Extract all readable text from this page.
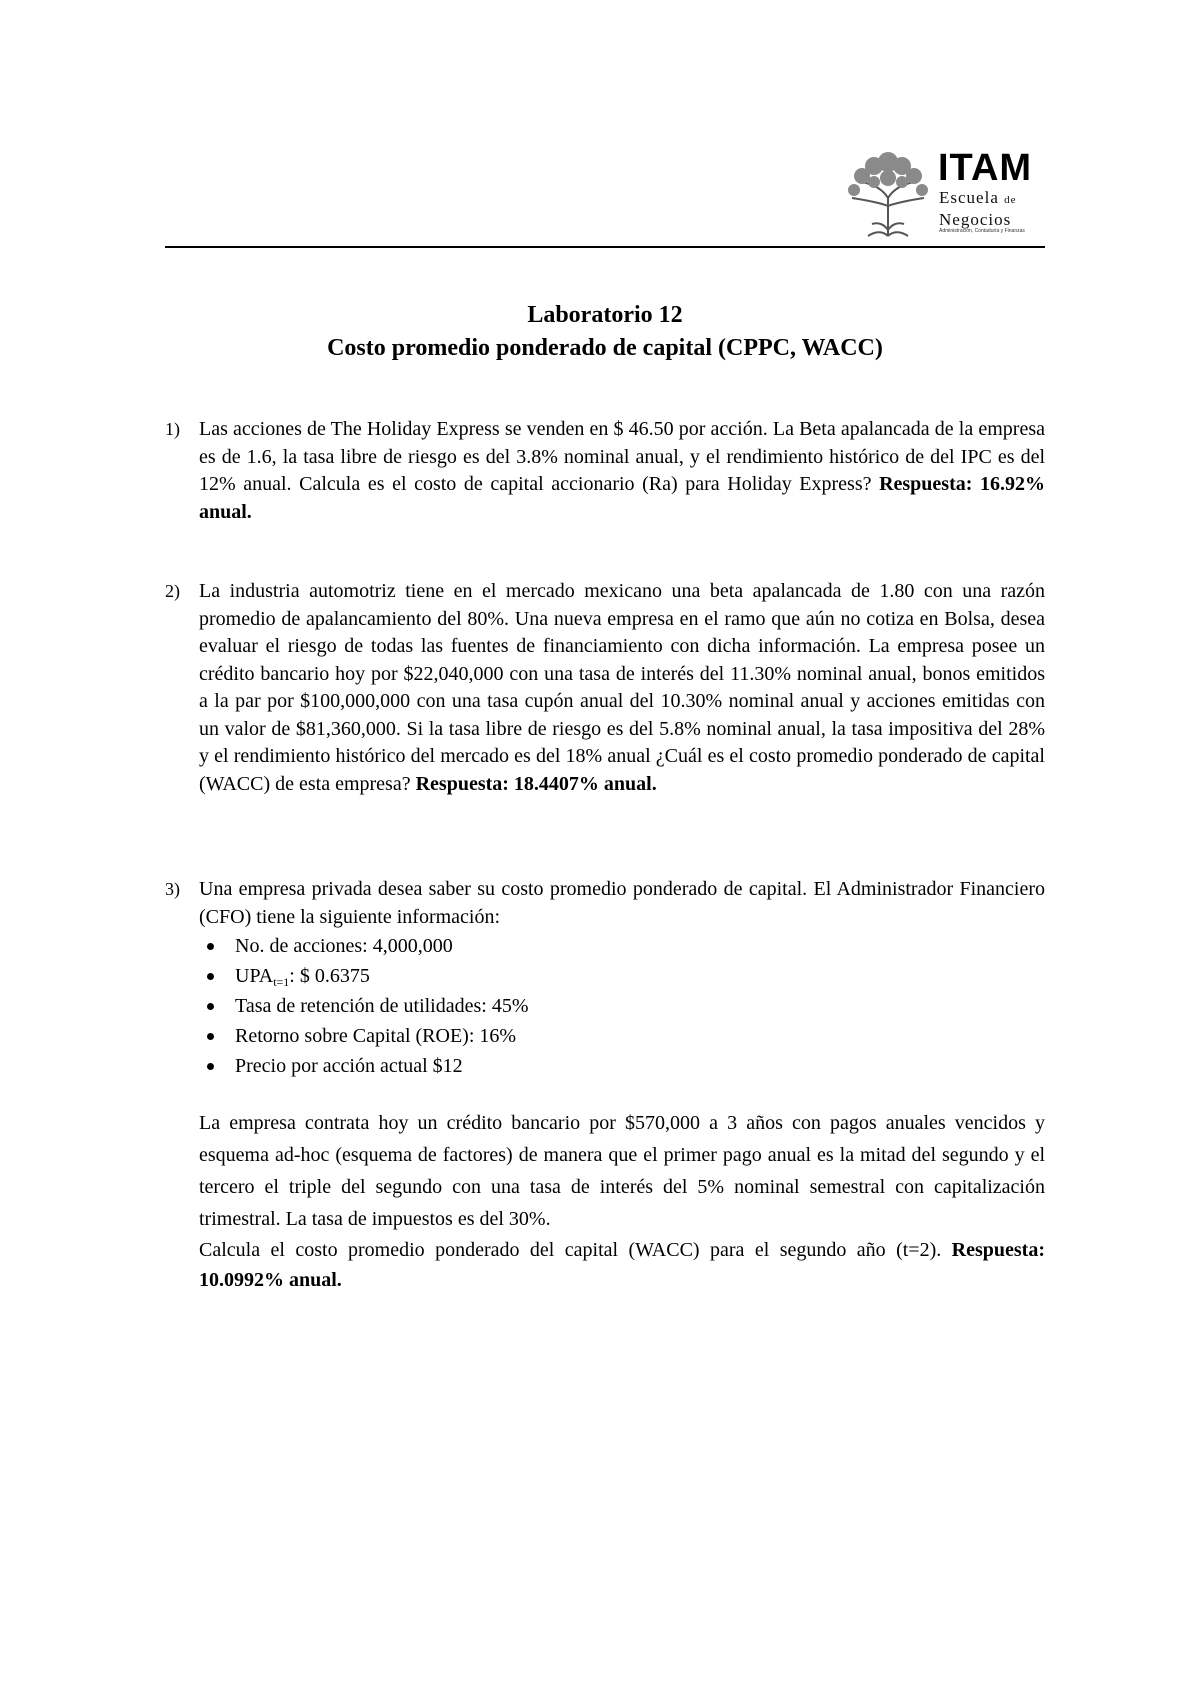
ITAM
Escuela de
Negocios
Administración, Contaduría y Finanzas
Laboratorio 12
Costo promedio ponderado de capital (CPPC, WACC)
1) Las acciones de The Holiday Express se venden en $ 46.50 por acción. La Beta apalancada de la empresa es de 1.6, la tasa libre de riesgo es del 3.8% nominal anual, y el rendimiento histórico de del IPC es del 12% anual. Calcula es el costo de capital accionario (Ra) para Holiday Express? Respuesta: 16.92% anual.
2) La industria automotriz tiene en el mercado mexicano una beta apalancada de 1.80 con una razón promedio de apalancamiento del 80%. Una nueva empresa en el ramo que aún no cotiza en Bolsa, desea evaluar el riesgo de todas las fuentes de financiamiento con dicha información. La empresa posee un crédito bancario hoy por $22,040,000 con una tasa de interés del 11.30% nominal anual, bonos emitidos a la par por $100,000,000 con una tasa cupón anual del 10.30% nominal anual y acciones emitidas con un valor de $81,360,000. Si la tasa libre de riesgo es del 5.8% nominal anual, la tasa impositiva del 28% y el rendimiento histórico del mercado es del 18% anual ¿Cuál es el costo promedio ponderado de capital (WACC) de esta empresa? Respuesta: 18.4407% anual.
3) Una empresa privada desea saber su costo promedio ponderado de capital. El Administrador Financiero (CFO) tiene la siguiente información:
No. de acciones: 4,000,000
$UPA_{t=1}$: $ 0.6375
Tasa de retención de utilidades: 45%
Retorno sobre Capital (ROE): 16%
Precio por acción actual $12
La empresa contrata hoy un crédito bancario por $570,000 a 3 años con pagos anuales vencidos y esquema ad-hoc (esquema de factores) de manera que el primer pago anual es la mitad del segundo y el tercero el triple del segundo con una tasa de interés del 5% nominal semestral con capitalización trimestral. La tasa de impuestos es del 30%.
Calcula el costo promedio ponderado del capital (WACC) para el segundo año (t=2). Respuesta: 10.0992% anual.
